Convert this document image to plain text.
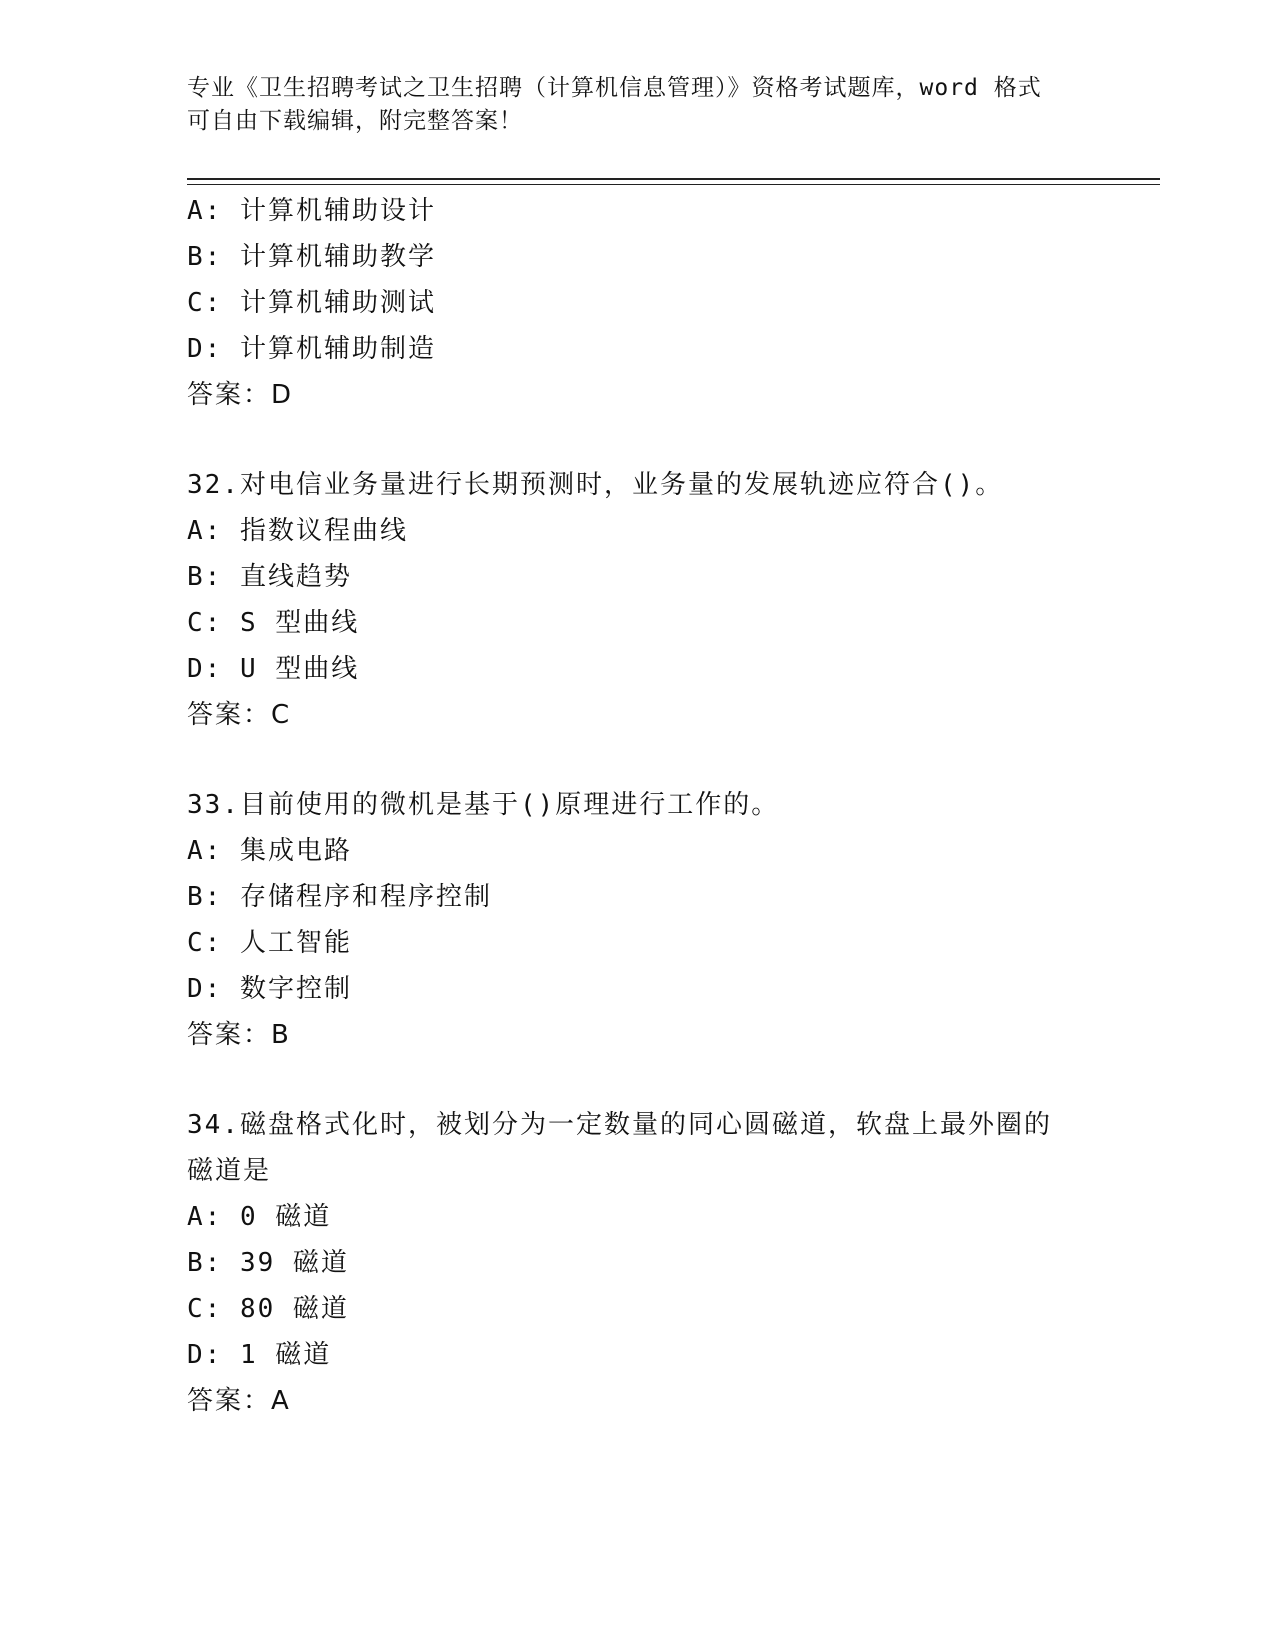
专业《卫生招聘考试之卫生招聘（计算机信息管理）》资格考试题库，word 格式
可自由下载编辑，附完整答案！
A: 计算机辅助设计
B: 计算机辅助教学
C: 计算机辅助测试
D: 计算机辅助制造
答案：D
32.对电信业务量进行长期预测时，业务量的发展轨迹应符合()。
A: 指数议程曲线
B: 直线趋势
C: S 型曲线
D: U 型曲线
答案：C
33.目前使用的微机是基于()原理进行工作的。
A: 集成电路
B: 存储程序和程序控制
C: 人工智能
D: 数字控制
答案：B
34.磁盘格式化时，被划分为一定数量的同心圆磁道，软盘上最外圈的
磁道是
A: 0 磁道
B: 39 磁道
C: 80 磁道
D: 1 磁道
答案：A
